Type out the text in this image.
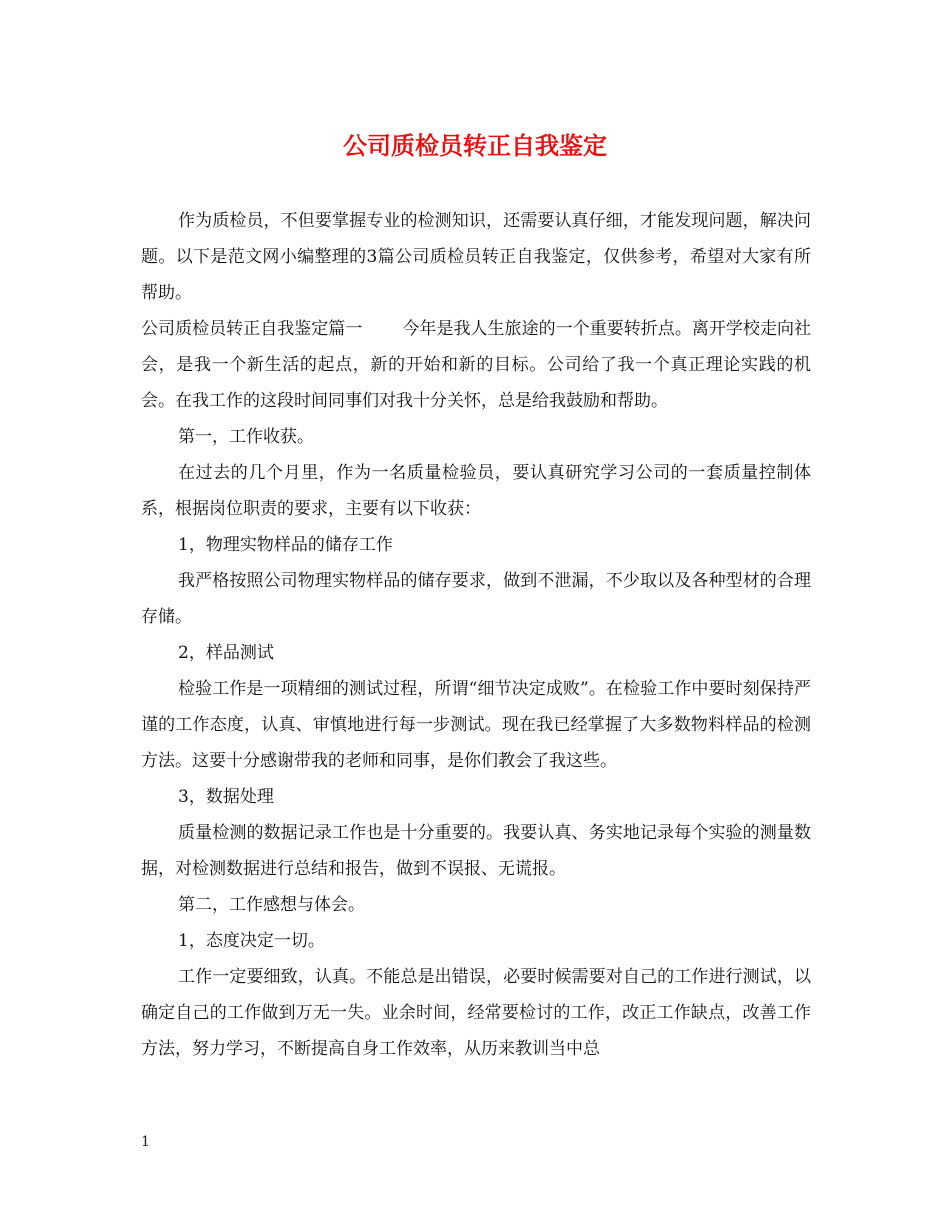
公司质检员转正自我鉴定

作为质检员，不但要掌握专业的检测知识，还需要认真仔细，才能发现问题，解决问题。以下是范文网小编整理的3篇公司质检员转正自我鉴定，仅供参考，希望对大家有所帮助。

公司质检员转正自我鉴定篇一 今年是我人生旅途的一个重要转折点。离开学校走向社会，是我一个新生活的起点，新的开始和新的目标。公司给了我一个真正理论实践的机会。在我工作的这段时间同事们对我十分关怀，总是给我鼓励和帮助。

第一，工作收获。

在过去的几个月里，作为一名质量检验员，要认真研究学习公司的一套质量控制体系，根据岗位职责的要求，主要有以下收获：

1，物理实物样品的储存工作

我严格按照公司物理实物样品的储存要求，做到不泄漏，不少取以及各种型材的合理存储。

2，样品测试

检验工作是一项精细的测试过程，所谓“细节决定成败”。在检验工作中要时刻保持严谨的工作态度，认真、审慎地进行每一步测试。现在我已经掌握了大多数物料样品的检测方法。这要十分感谢带我的老师和同事，是你们教会了我这些。

3，数据处理

质量检测的数据记录工作也是十分重要的。我要认真、务实地记录每个实验的测量数据，对检测数据进行总结和报告，做到不误报、无谎报。

第二，工作感想与体会。

1，态度决定一切。

工作一定要细致，认真。不能总是出错误，必要时候需要对自己的工作进行测试，以确定自己的工作做到万无一失。业余时间，经常要检讨的工作，改正工作缺点，改善工作方法，努力学习，不断提高自身工作效率，从历来教训当中总

1
